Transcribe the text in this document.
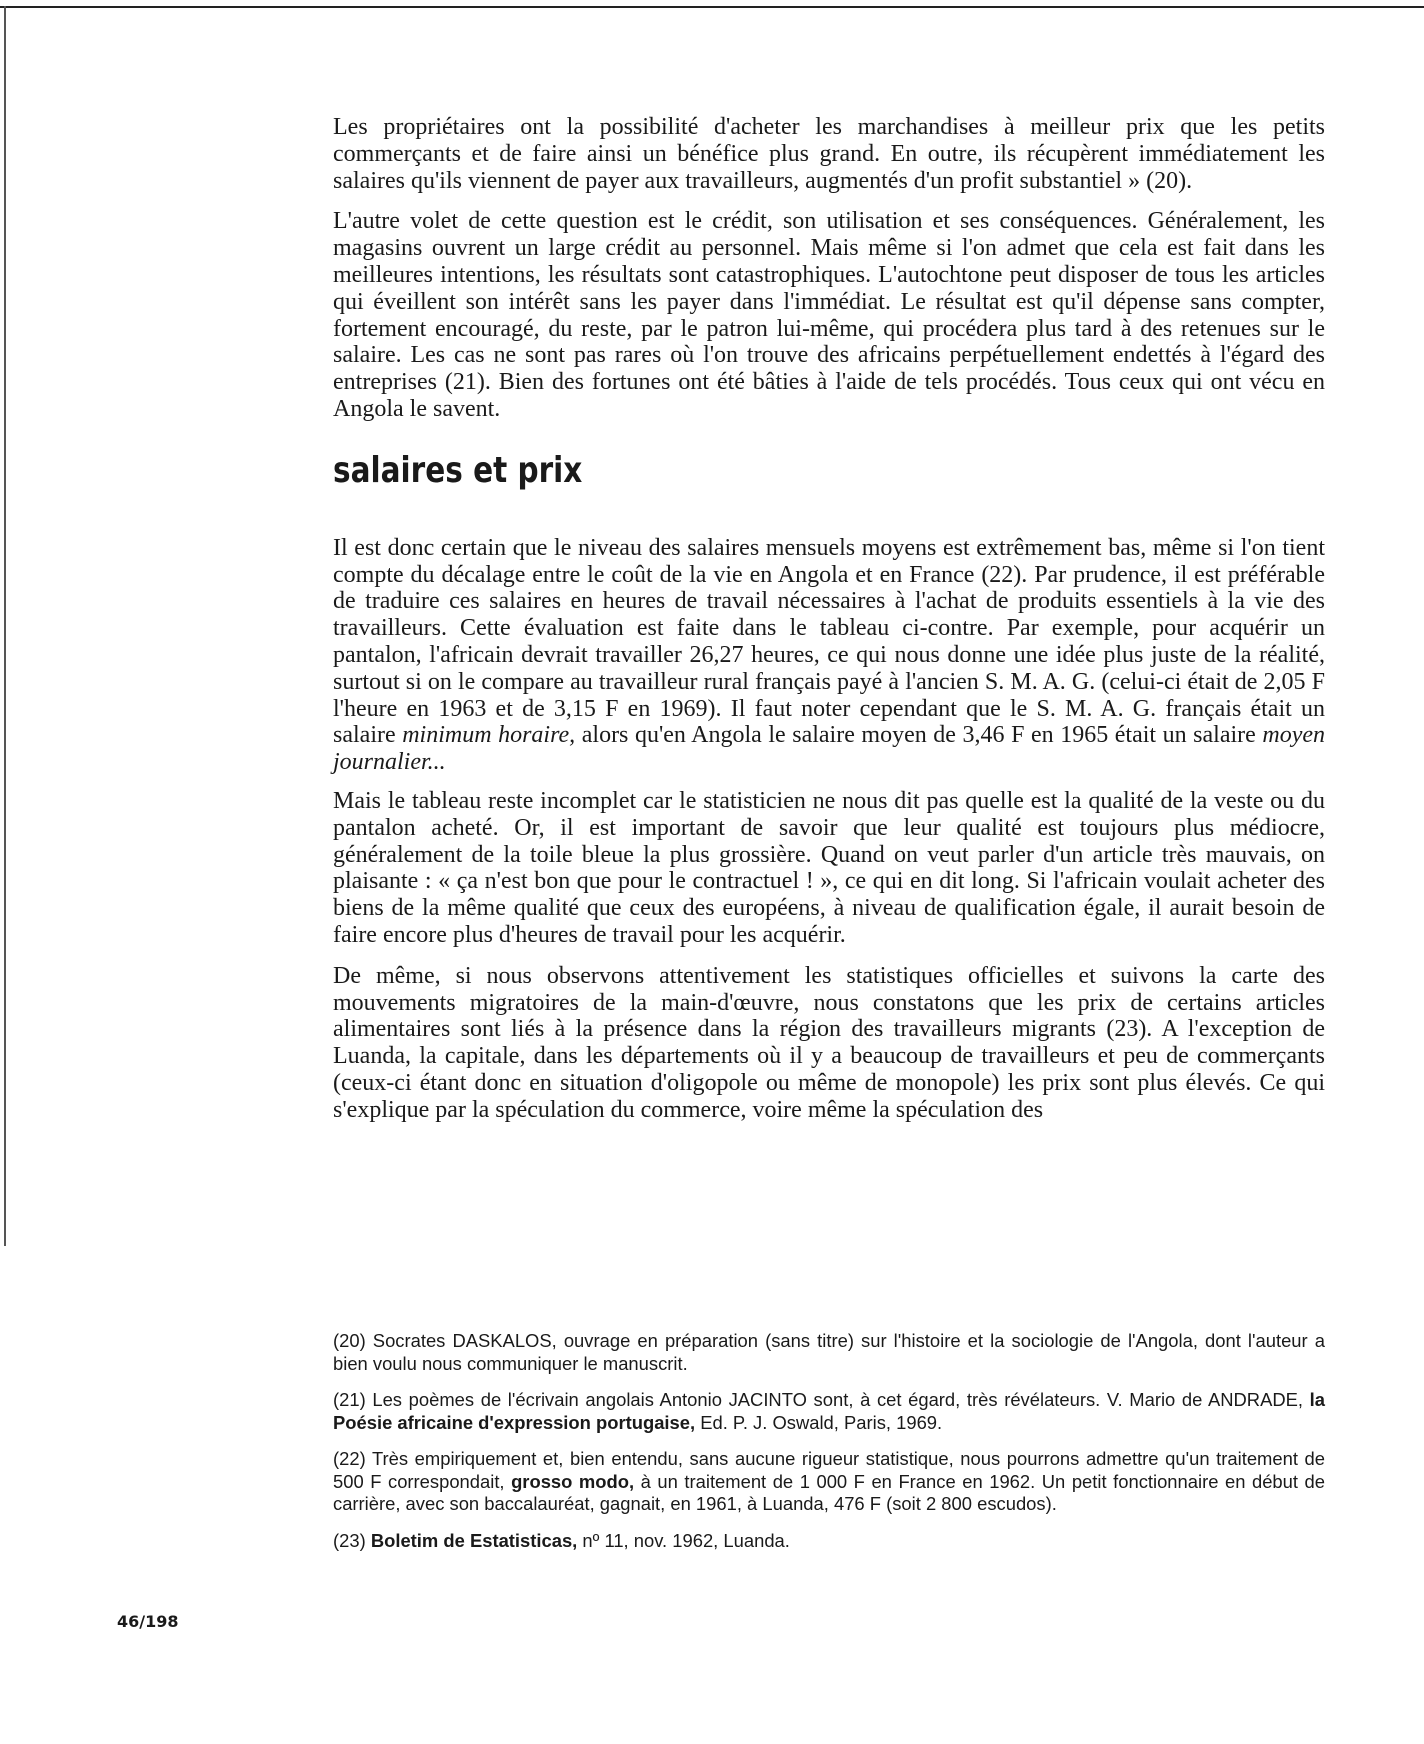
Les propriétaires ont la possibilité d'acheter les marchandises à meilleur prix que les petits commerçants et de faire ainsi un bénéfice plus grand. En outre, ils récupèrent immédiatement les salaires qu'ils viennent de payer aux travailleurs, augmentés d'un profit substantiel » (20).

L'autre volet de cette question est le crédit, son utilisation et ses conséquences. Généralement, les magasins ouvrent un large crédit au personnel. Mais même si l'on admet que cela est fait dans les meilleures intentions, les résultats sont catastrophiques. L'autochtone peut disposer de tous les articles qui éveillent son intérêt sans les payer dans l'immédiat. Le résultat est qu'il dépense sans compter, fortement encouragé, du reste, par le patron lui-même, qui procédera plus tard à des retenues sur le salaire. Les cas ne sont pas rares où l'on trouve des africains perpétuellement endettés à l'égard des entreprises (21). Bien des fortunes ont été bâties à l'aide de tels procédés. Tous ceux qui ont vécu en Angola le savent.

salaires et prix

Il est donc certain que le niveau des salaires mensuels moyens est extrêmement bas, même si l'on tient compte du décalage entre le coût de la vie en Angola et en France (22). Par prudence, il est préférable de traduire ces salaires en heures de travail nécessaires à l'achat de produits essentiels à la vie des travailleurs. Cette évaluation est faite dans le tableau ci-contre. Par exemple, pour acquérir un pantalon, l'africain devrait travailler 26,27 heures, ce qui nous donne une idée plus juste de la réalité, surtout si on le compare au travailleur rural français payé à l'ancien S. M. A. G. (celui-ci était de 2,05 F l'heure en 1963 et de 3,15 F en 1969). Il faut noter cependant que le S. M. A. G. français était un salaire minimum horaire, alors qu'en Angola le salaire moyen de 3,46 F en 1965 était un salaire moyen journalier...

Mais le tableau reste incomplet car le statisticien ne nous dit pas quelle est la qualité de la veste ou du pantalon acheté. Or, il est important de savoir que leur qualité est toujours plus médiocre, généralement de la toile bleue la plus grossière. Quand on veut parler d'un article très mauvais, on plaisante : « ça n'est bon que pour le contractuel ! », ce qui en dit long. Si l'africain voulait acheter des biens de la même qualité que ceux des européens, à niveau de qualification égale, il aurait besoin de faire encore plus d'heures de travail pour les acquérir.

De même, si nous observons attentivement les statistiques officielles et suivons la carte des mouvements migratoires de la main-d'œuvre, nous constatons que les prix de certains articles alimentaires sont liés à la présence dans la région des travailleurs migrants (23). A l'exception de Luanda, la capitale, dans les départements où il y a beaucoup de travailleurs et peu de commerçants (ceux-ci étant donc en situation d'oligopole ou même de monopole) les prix sont plus élevés. Ce qui s'explique par la spéculation du commerce, voire même la spéculation des

(20) Socrates DASKALOS, ouvrage en préparation (sans titre) sur l'histoire et la sociologie de l'Angola, dont l'auteur a bien voulu nous communiquer le manuscrit.

(21) Les poèmes de l'écrivain angolais Antonio JACINTO sont, à cet égard, très révélateurs. V. Mario de ANDRADE, la Poésie africaine d'expression portugaise, Ed. P. J. Oswald, Paris, 1969.

(22) Très empiriquement et, bien entendu, sans aucune rigueur statistique, nous pourrons admettre qu'un traitement de 500 F correspondait, grosso modo, à un traitement de 1 000 F en France en 1962. Un petit fonctionnaire en début de carrière, avec son baccalauréat, gagnait, en 1961, à Luanda, 476 F (soit 2 800 escudos).

(23) Boletim de Estatisticas, nº 11, nov. 1962, Luanda.

46/198
